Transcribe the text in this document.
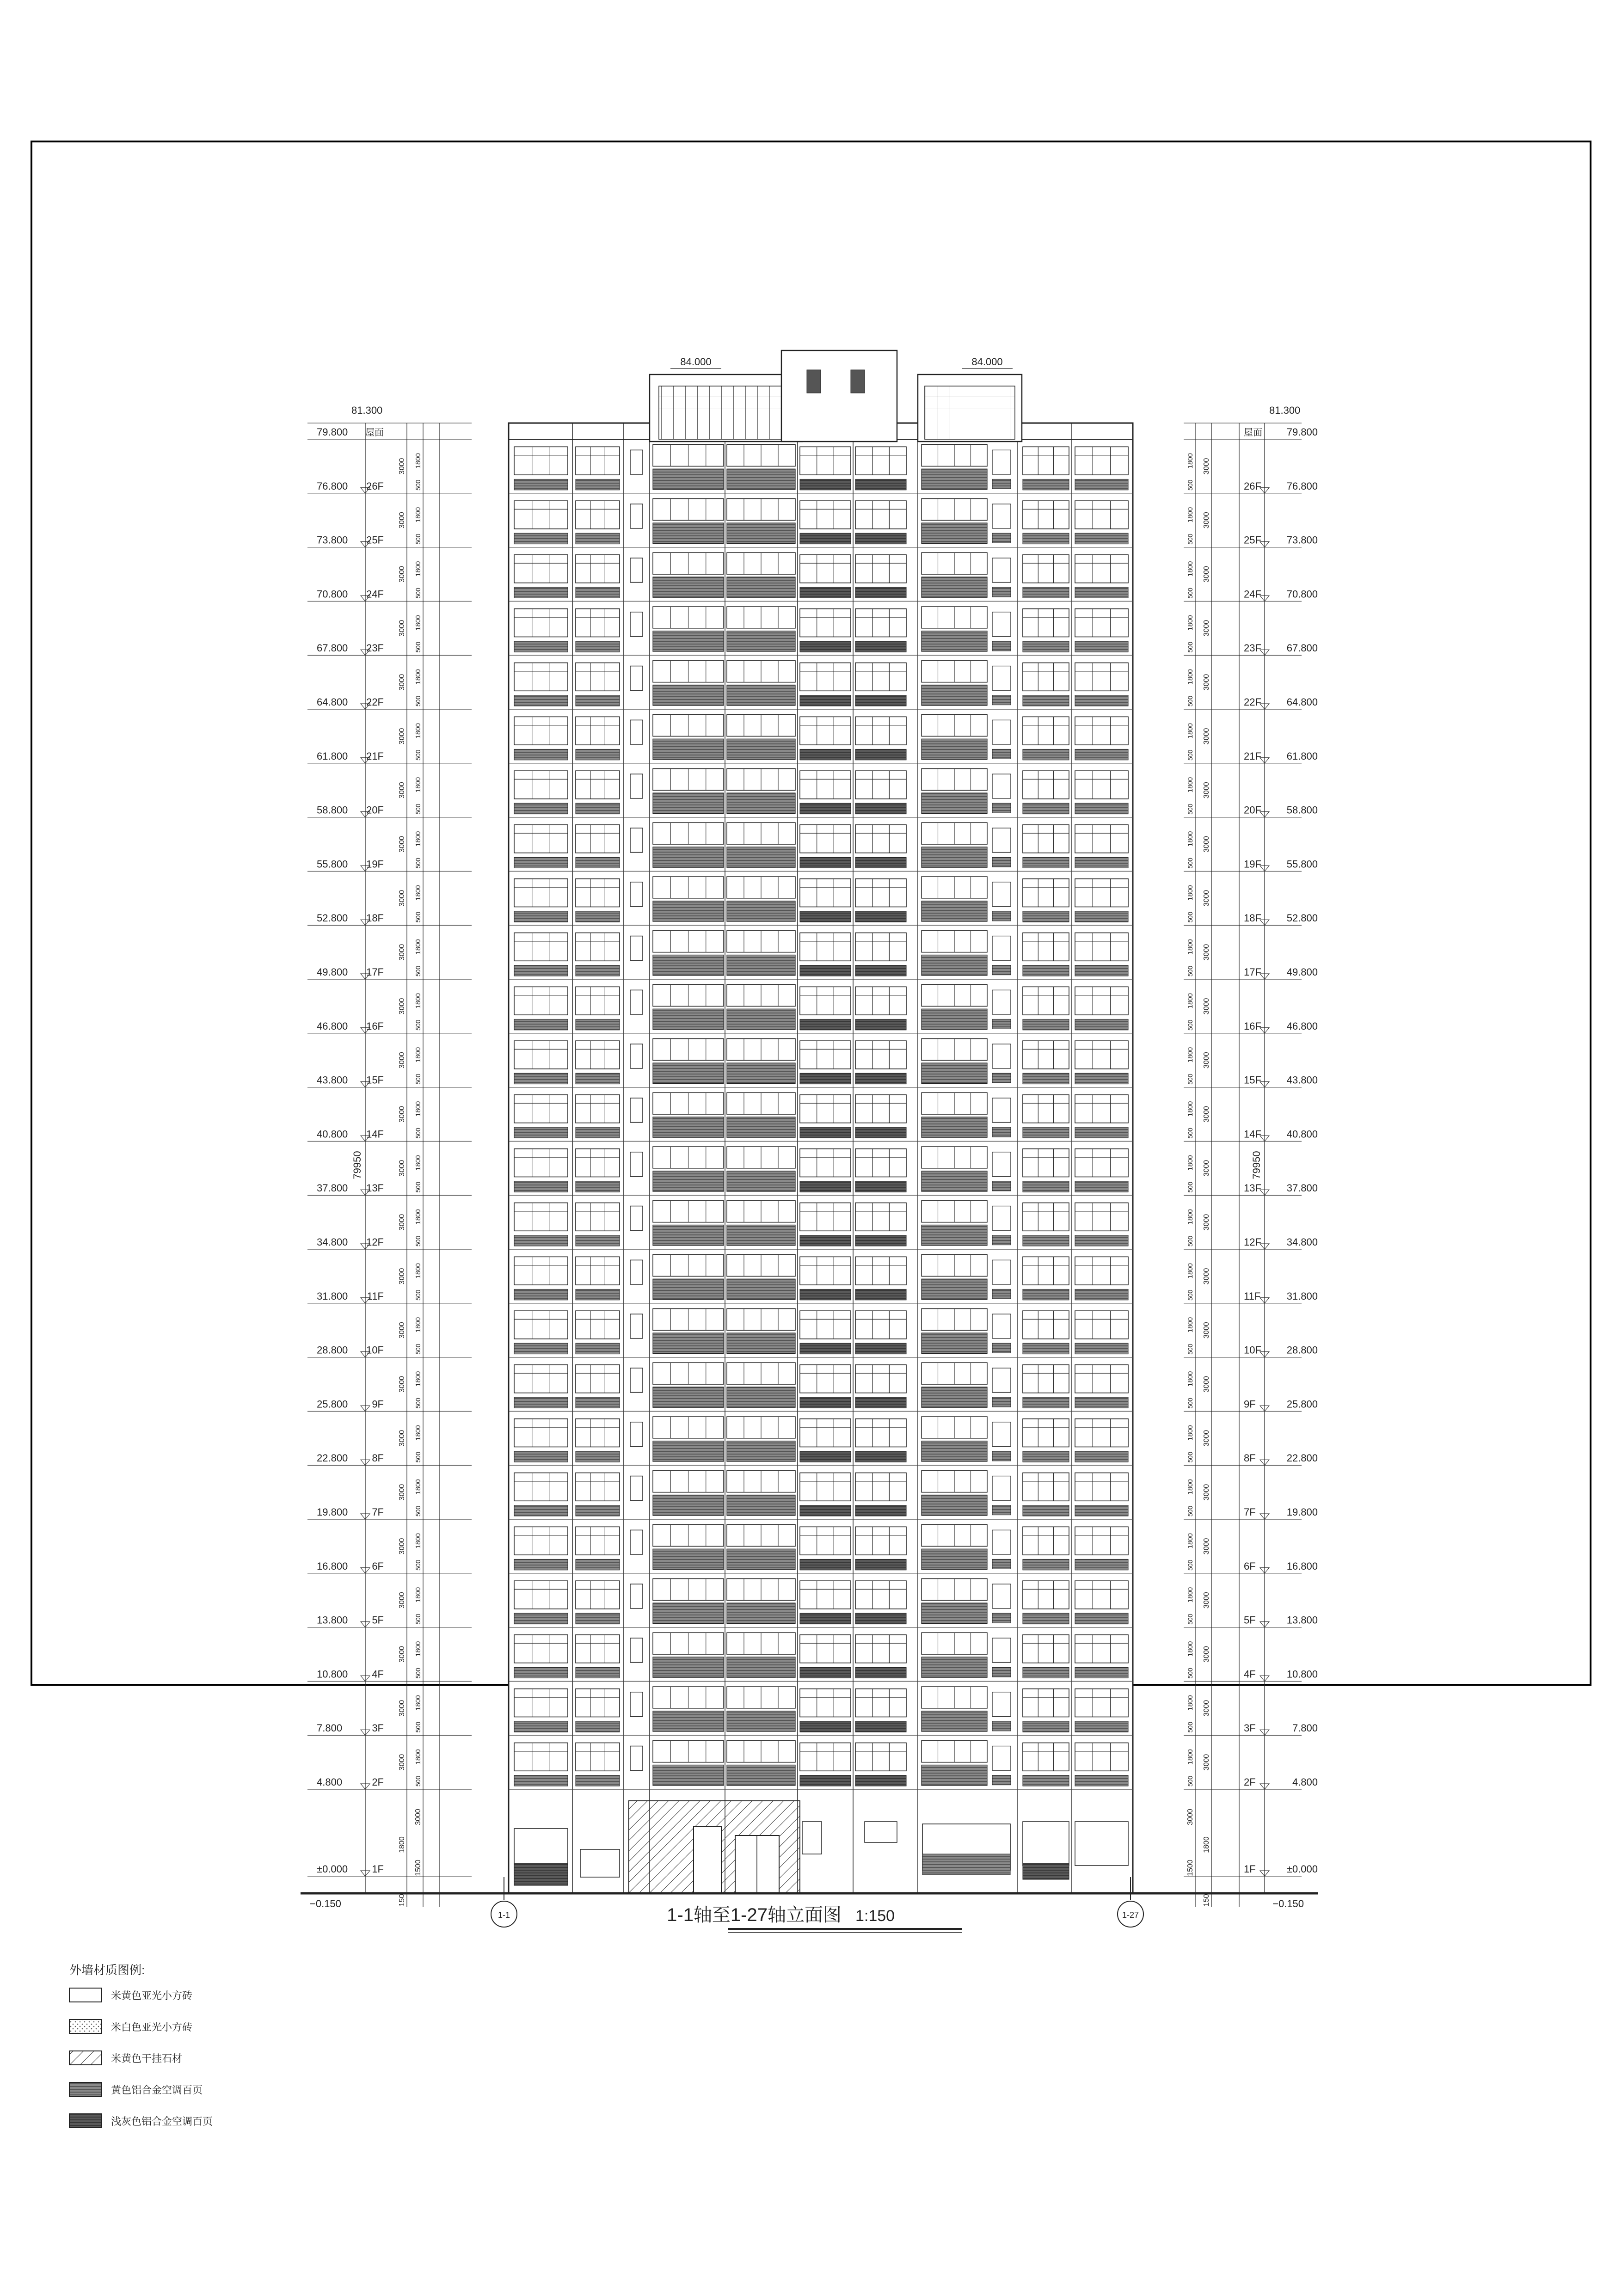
84.000	84.000
79950
81.300
79.800 屋面
±0.000 1F
4.800	2F
3000 1800
500
7.800	3F
3000 1800
500
10.800 4F
3000 1800
500
13.800 5F
3000 1800
500
16.800 6F
3000 1800
500
19.800 7F
3000 1800
500
22.800 8F
3000 1800
500
25.800 9F
3000 1800
500
28.800 10F
3000 1800
500
31.800 11F
3000 1800
500
34.800 12F
3000 1800
500
37.800 13F
3000 1800
500
40.800 14F
3000 1800
500
43.800 15F
3000 1800
500
46.800 16F
3000 1800
500
49.800 17F
3000 1800
500
52.800 18F
3000 1800
500
55.800 19F
3000 1800
500
58.800 20F
3000 1800
500
61.800 21F
3000 1800
500
64.800 22F
3000 1800
500
67.800 23F
3000 1800
500
70.800 24F
3000 1800
500
73.800 25F
3000 1800
500
76.800 26F
3000 1800
500
−0.150	150
1500
1800
3000
79950
81.300
79.800
屋面
±0.000
1F
4.800
2F
3000
1800
500
7.800
3F
3000
1800
500
10.800
4F
3000
1800
500
13.800
5F
3000
1800
500
16.800
6F
3000
1800
500
19.800
7F
3000
1800
500
22.800
8F
3000
1800
500
25.800
9F
3000
1800
500
28.800
10F
3000
1800
500
31.800
11F
3000
1800
500
34.800
12F
3000
1800
500
37.800
13F
3000
1800
500
40.800
14F
3000
1800
500
43.800
15F
3000
1800
500
46.800
16F
3000
1800
500
49.800
17F
3000
1800
500
52.800
18F
3000
1800
500
55.800
19F
3000
1800
500
58.800
20F
3000
1800
500
61.800
21F
3000
1800
500
64.800
22F
3000
1800
500
67.800
23F
3000
1800
500
70.800
24F
3000
1800
500
73.800
25F
3000
1800
500
76.800
26F
3000
1800
500
−0.150
150
1500
1800
3000
1-1	1-27
1-1轴至1-27轴立面图 1:150
外墙材质图例:
米黄色亚光小方砖
米白色亚光小方砖
米黄色干挂石材
黄色铝合金空调百页
浅灰色铝合金空调百页
